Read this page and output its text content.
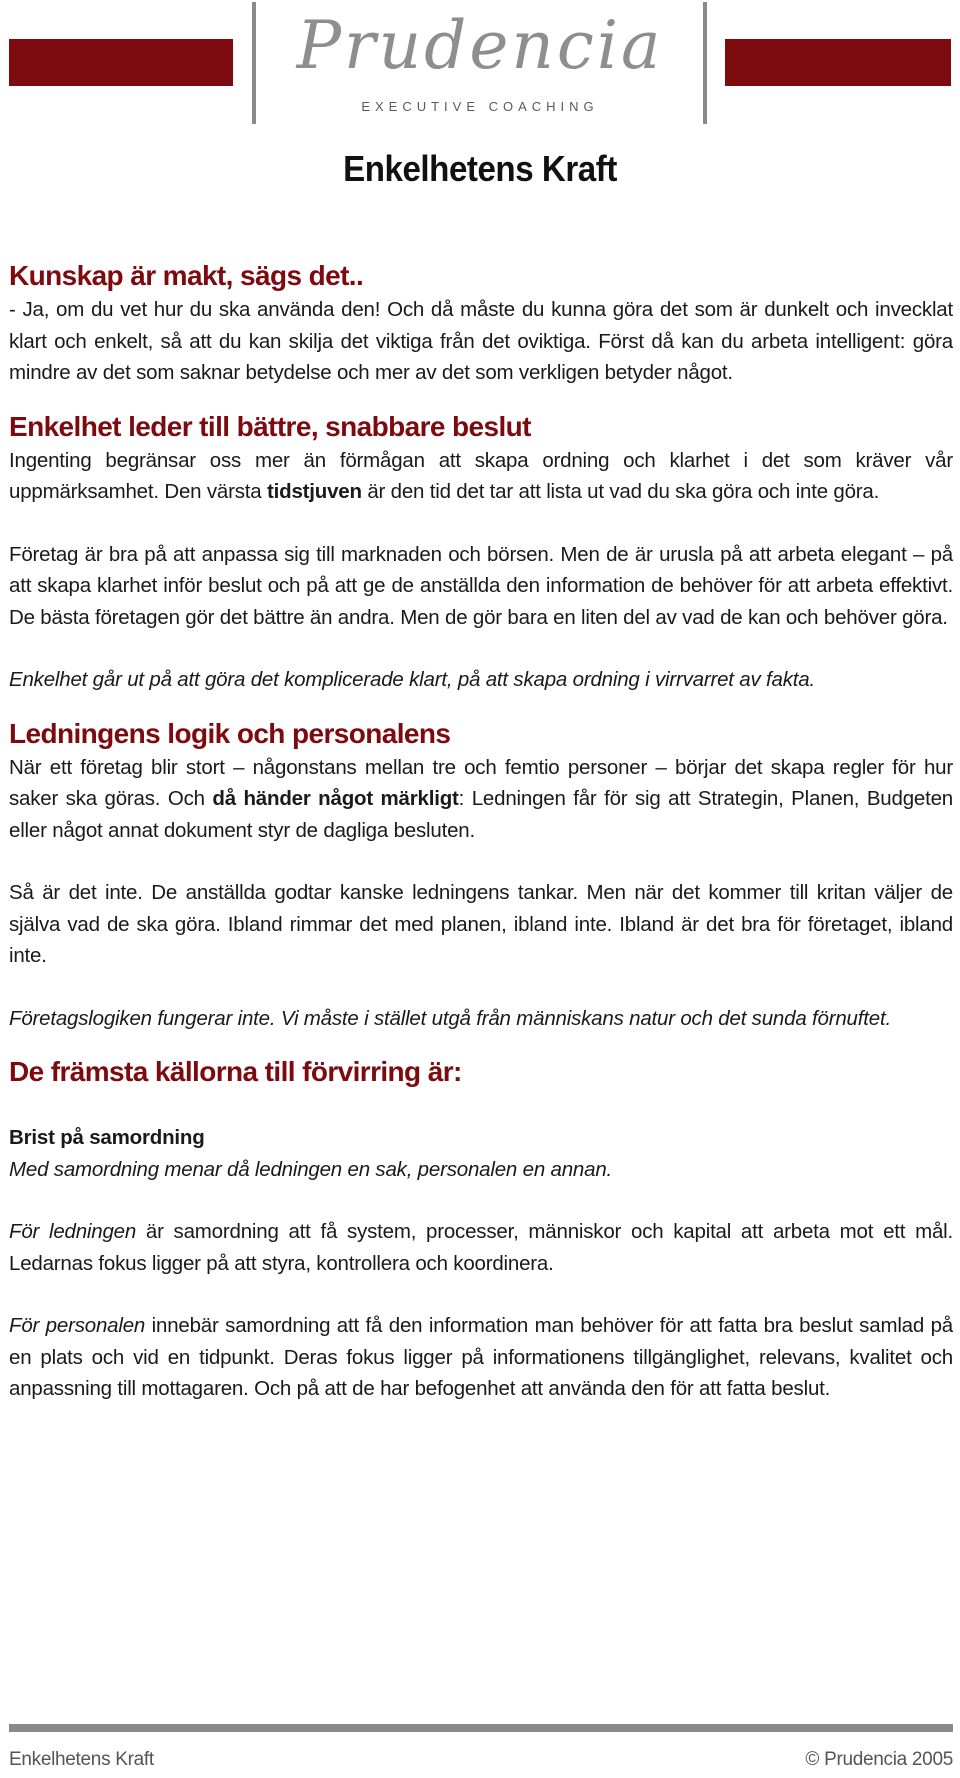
Prudencia
EXECUTIVE COACHING
Enkelhetens Kraft
Kunskap är makt, sägs det..

- Ja, om du vet hur du ska använda den! Och då måste du kunna göra det som är dunkelt och invecklat klart och enkelt, så att du kan skilja det viktiga från det oviktiga. Först då kan du arbeta intelligent: göra mindre av det som saknar betydelse och mer av det som verkligen betyder något.

Enkelhet leder till bättre, snabbare beslut

Ingenting begränsar oss mer än förmågan att skapa ordning och klarhet i det som kräver vår uppmärksamhet. Den värsta tidstjuven är den tid det tar att lista ut vad du ska göra och inte göra.

Företag är bra på att anpassa sig till marknaden och börsen. Men de är urusla på att arbeta elegant – på att skapa klarhet inför beslut och på att ge de anställda den information de behöver för att arbeta effektivt. De bästa företagen gör det bättre än andra. Men de gör bara en liten del av vad de kan och behöver göra.

Enkelhet går ut på att göra det komplicerade klart, på att skapa ordning i virrvarret av fakta.

Ledningens logik och personalens

När ett företag blir stort – någonstans mellan tre och femtio personer – börjar det skapa regler för hur saker ska göras. Och då händer något märkligt: Ledningen får för sig att Strategin, Planen, Budgeten eller något annat dokument styr de dagliga besluten.

Så är det inte. De anställda godtar kanske ledningens tankar. Men när det kommer till kritan väljer de själva vad de ska göra. Ibland rimmar det med planen, ibland inte. Ibland är det bra för företaget, ibland inte.

Företagslogiken fungerar inte. Vi måste i stället utgå från människans natur och det sunda förnuftet.

De främsta källorna till förvirring är:

Brist på samordning

Med samordning menar då ledningen en sak, personalen en annan.

För ledningen är samordning att få system, processer, människor och kapital att arbeta mot ett mål. Ledarnas fokus ligger på att styra, kontrollera och koordinera.

För personalen innebär samordning att få den information man behöver för att fatta bra beslut samlad på en plats och vid en tidpunkt. Deras fokus ligger på informationens tillgänglighet, relevans, kvalitet och anpassning till mottagaren. Och på att de har befogenhet att använda den för att fatta beslut.

Enkelhetens Kraft	© Prudencia 2005
